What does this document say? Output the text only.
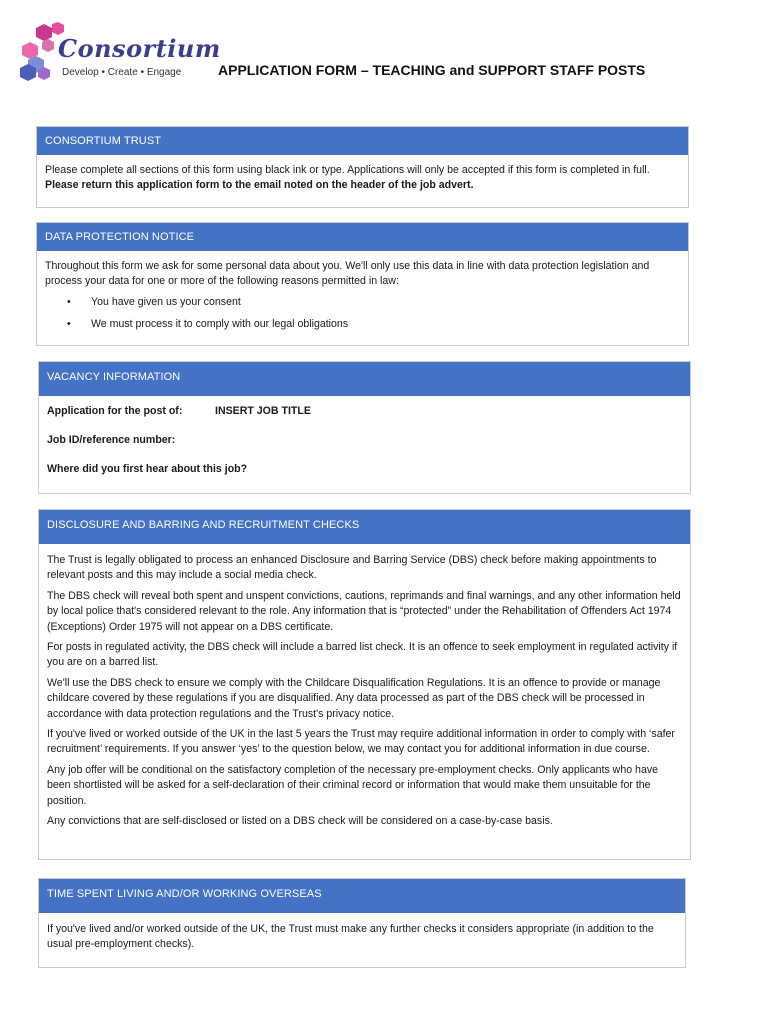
Consortium
Develop • Create • Engage	APPLICATION FORM – TEACHING and SUPPORT STAFF POSTS
CONSORTIUM TRUST
Please complete all sections of this form using black ink or type. Applications will only be accepted if this form is completed in full. Please return this application form to the email noted on the header of the job advert.
DATA PROTECTION NOTICE
Throughout this form we ask for some personal data about you. We'll only use this data in line with data protection legislation and process your data for one or more of the following reasons permitted in law:
• You have given us your consent
• We must process it to comply with our legal obligations
VACANCY INFORMATION
Application for the post of:	INSERT JOB TITLE
Job ID/reference number:
Where did you first hear about this job?
DISCLOSURE AND BARRING AND RECRUITMENT CHECKS

The Trust is legally obligated to process an enhanced Disclosure and Barring Service (DBS) check before making appointments to relevant posts and this may include a social media check.

The DBS check will reveal both spent and unspent convictions, cautions, reprimands and final warnings, and any other information held by local police that's considered relevant to the role. Any information that is “protected” under the Rehabilitation of Offenders Act 1974 (Exceptions) Order 1975 will not appear on a DBS certificate.

For posts in regulated activity, the DBS check will include a barred list check. It is an offence to seek employment in regulated activity if you are on a barred list.

We'll use the DBS check to ensure we comply with the Childcare Disqualification Regulations. It is an offence to provide or manage childcare covered by these regulations if you are disqualified. Any data processed as part of the DBS check will be processed in accordance with data protection regulations and the Trust's privacy notice.

If you've lived or worked outside of the UK in the last 5 years the Trust may require additional information in order to comply with ‘safer recruitment’ requirements. If you answer ‘yes’ to the question below, we may contact you for additional information in due course.

Any job offer will be conditional on the satisfactory completion of the necessary pre-employment checks. Only applicants who have been shortlisted will be asked for a self-declaration of their criminal record or information that would make them unsuitable for the position.

Any convictions that are self-disclosed or listed on a DBS check will be considered on a case-by-case basis.

TIME SPENT LIVING AND/OR WORKING OVERSEAS
If you've lived and/or worked outside of the UK, the Trust must make any further checks it considers appropriate (in addition to the usual pre-employment checks).
